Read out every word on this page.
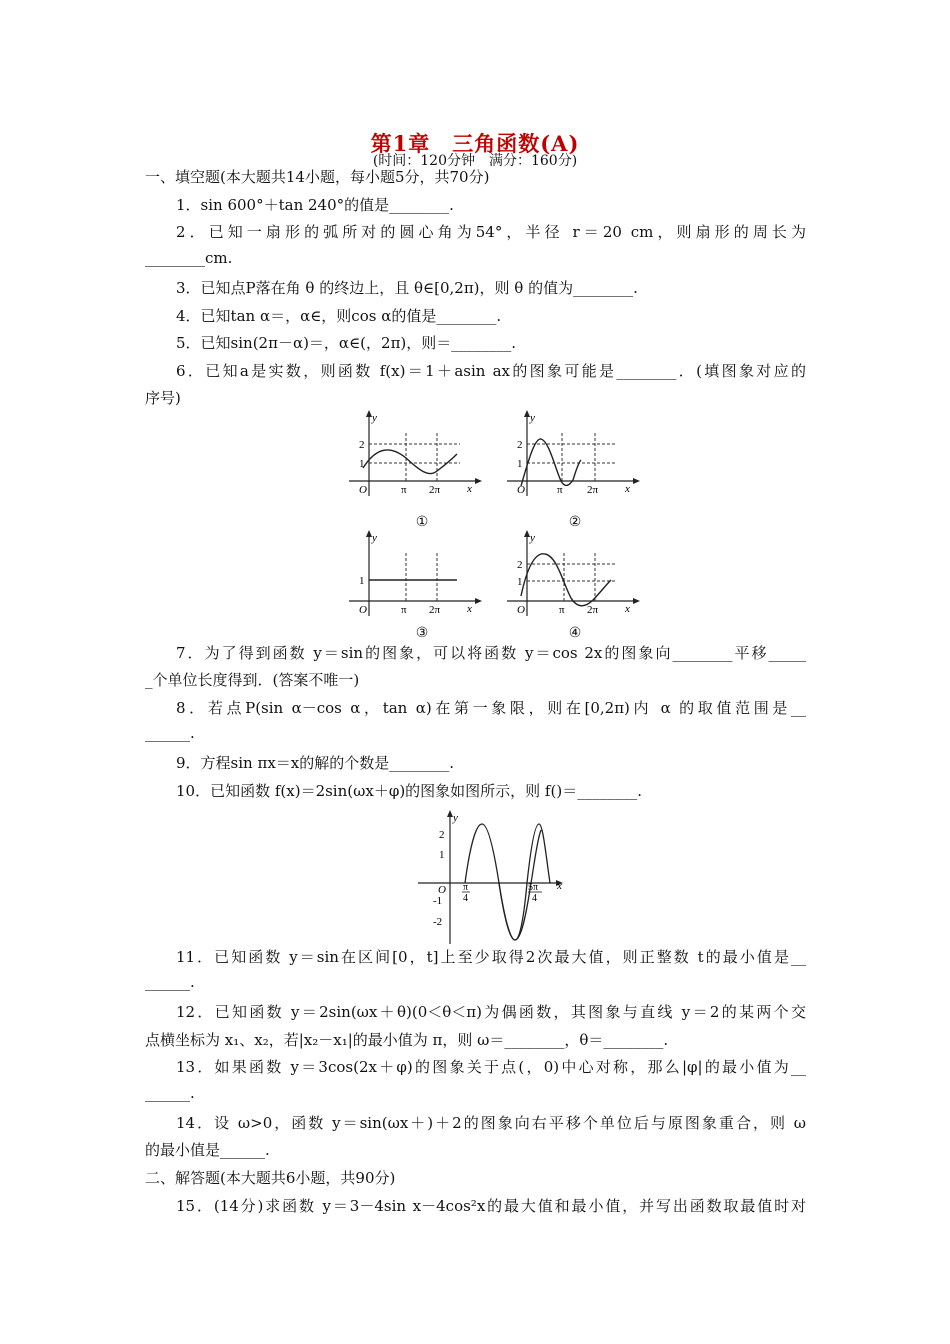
第1章　三角函数(A)
(时间：120分钟　满分：160分)
一、填空题(本大题共14小题，每小题5分，共70分)
1．sin 600°＋tan 240°的值是________.
2．已知一扇形的弧所对的圆心角为54°，半径 r＝20 cm，则扇形的周长为
________cm.
3．已知点P落在角 θ 的终边上，且 θ∈[0,2π)，则 θ 的值为________.
4．已知tan α＝，α∈，则cos α的值是________.
5．已知sin(2π－α)＝，α∈(，2π)，则＝________.
6．已知a是实数，则函数 f(x)＝1＋asin ax的图象可能是________．(填图象对应的
序号)
y
x
2
1
O	π 2π
y
x
2
1
O	π 2π
①	②
y
x
1
O	π 2π
y
x
2
1
O	π 2π
③	④
7．为了得到函数 y＝sin的图象，可以将函数 y＝cos 2x的图象向________平移_____
_个单位长度得到．(答案不唯一)
8．若点P(sin α－cos α，tan α)在第一象限，则在[0,2π)内 α 的取值范围是__
______.
9．方程sin πx＝x的解的个数是________.
10．已知函数 f(x)＝2sin(ωx＋φ)的图象如图所示，则 f()＝________.
y
x
2
1
-1
-2
O π
4
5π
4
11．已知函数 y＝sin在区间[0，t]上至少取得2次最大值，则正整数 t的最小值是__
______.
12．已知函数 y＝2sin(ωx＋θ)(0＜θ＜π)为偶函数，其图象与直线 y＝2的某两个交
点横坐标为 x₁、x₂，若|x₂－x₁|的最小值为 π，则 ω＝________，θ＝________.
13．如果函数 y＝3cos(2x＋φ)的图象关于点(，0)中心对称，那么|φ|的最小值为__
______.
14．设 ω>0，函数 y＝sin(ωx＋)＋2的图象向右平移个单位后与原图象重合，则 ω
的最小值是______.
二、解答题(本大题共6小题，共90分)
15．(14分)求函数 y＝3－4sin x－4cos²x的最大值和最小值，并写出函数取最值时对
